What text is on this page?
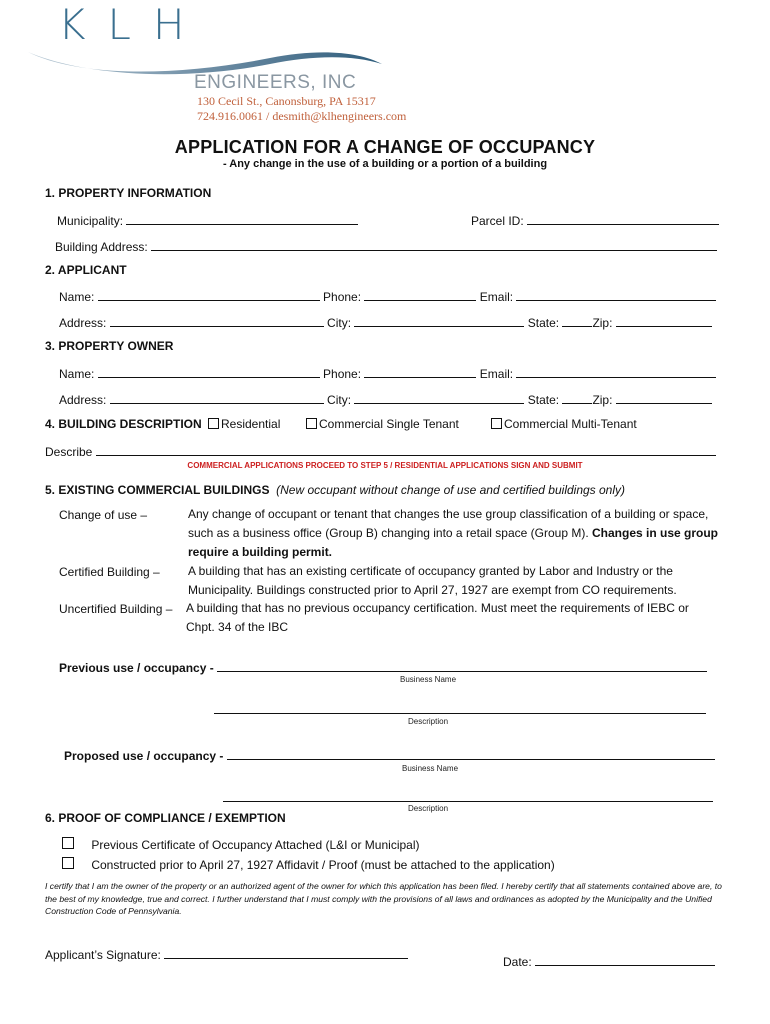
KLH
ENGINEERS, INC
130 Cecil St., Canonsburg, PA 15317
724.916.0061 / desmith@klhengineers.com
APPLICATION FOR A CHANGE OF OCCUPANCY
- Any change in the use of a building or a portion of a building
1. PROPERTY INFORMATION
Municipality:	Parcel ID:
Building Address:
2. APPLICANT
Name:	Phone:	Email:
Address:	City:	State:	Zip:
3. PROPERTY OWNER
Name:	Phone:	Email:
Address:	City:	State:	Zip:
4. BUILDING DESCRIPTION	Residential	Commercial Single Tenant	Commercial Multi-Tenant
Describe
COMMERCIAL APPLICATIONS PROCEED TO STEP 5 / RESIDENTIAL APPLICATIONS SIGN AND SUBMIT
5. EXISTING COMMERCIAL BUILDINGS (New occupant without change of use and certified buildings only)
Change of use –	Any change of occupant or tenant that changes the use group classification of a building or space, such as a business office (Group B) changing into a retail space (Group M). Changes in use group require a building permit.
Certified Building – A building that has an existing certificate of occupancy granted by Labor and Industry or the Municipality. Buildings constructed prior to April 27, 1927 are exempt from CO requirements.
Uncertified Building – A building that has no previous occupancy certification. Must meet the requirements of IEBC or Chpt. 34 of the IBC
Previous use / occupancy -
Business Name
Description
Proposed use / occupancy -
Business Name
Description
6. PROOF OF COMPLIANCE / EXEMPTION
Previous Certificate of Occupancy Attached (L&I or Municipal)
Constructed prior to April 27, 1927 Affidavit / Proof (must be attached to the application)
I certify that I am the owner of the property or an authorized agent of the owner for which this application has been filed. I hereby certify that all statements contained above are, to the best of my knowledge, true and correct. I further understand that I must comply with the provisions of all laws and ordinances as adopted by the Municipality and the Unified Construction Code of Pennsylvania.
Applicant’s Signature:	Date:
